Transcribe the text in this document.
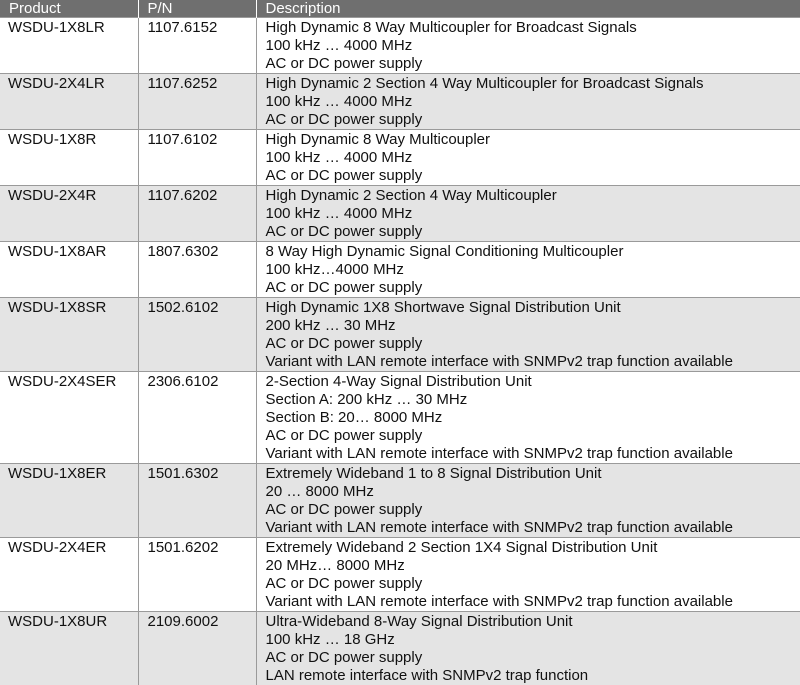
Product	P/N	Description
WSDU-1X8LR	1107.6152	High Dynamic 8 Way Multicoupler for Broadcast Signals
100 kHz … 4000 MHz
AC or DC power supply

WSDU-2X4LR	1107.6252	High Dynamic 2 Section 4 Way Multicoupler for Broadcast Signals
100 kHz … 4000 MHz
AC or DC power supply

WSDU-1X8R	1107.6102	High Dynamic 8 Way Multicoupler
100 kHz … 4000 MHz
AC or DC power supply

WSDU-2X4R	1107.6202	High Dynamic 2 Section 4 Way Multicoupler
100 kHz … 4000 MHz
AC or DC power supply

WSDU-1X8AR	1807.6302	8 Way High Dynamic Signal Conditioning Multicoupler
100 kHz…4000 MHz
AC or DC power supply

WSDU-1X8SR	1502.6102	High Dynamic 1X8 Shortwave Signal Distribution Unit
200 kHz … 30 MHz
AC or DC power supply
Variant with LAN remote interface with SNMPv2 trap function available

WSDU-2X4SER	2306.6102	2-Section 4-Way Signal Distribution Unit
Section A: 200 kHz … 30 MHz
Section B: 20… 8000 MHz
AC or DC power supply
Variant with LAN remote interface with SNMPv2 trap function available

WSDU-1X8ER	1501.6302	Extremely Wideband 1 to 8 Signal Distribution Unit
20 … 8000 MHz
AC or DC power supply
Variant with LAN remote interface with SNMPv2 trap function available

WSDU-2X4ER	1501.6202	Extremely Wideband 2 Section 1X4 Signal Distribution Unit
20 MHz… 8000 MHz
AC or DC power supply
Variant with LAN remote interface with SNMPv2 trap function available

WSDU-1X8UR	2109.6002	Ultra-Wideband 8-Way Signal Distribution Unit
100 kHz … 18 GHz
AC or DC power supply
LAN remote interface with SNMPv2 trap function
